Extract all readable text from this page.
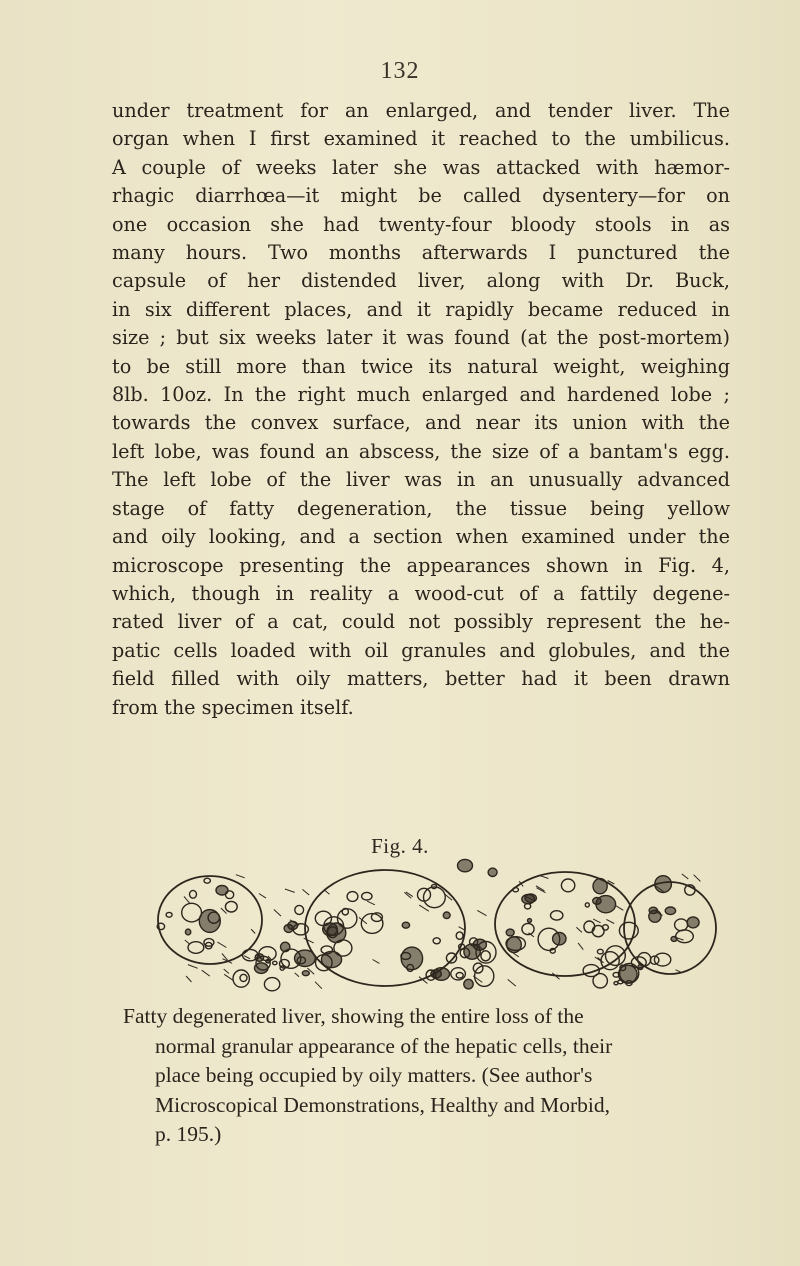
132
under treatment for an enlarged, and tender liver. The
organ when I first examined it reached to the umbilicus.
A couple of weeks later she was attacked with hæmor-
rhagic diarrhœa—it might be called dysentery—for on
one occasion she had twenty-four bloody stools in as
many hours. Two months afterwards I punctured the
capsule of her distended liver, along with Dr. Buck,
in six different places, and it rapidly became reduced in
size ; but six weeks later it was found (at the post-mortem)
to be still more than twice its natural weight, weighing
8lb. 10oz. In the right much enlarged and hardened lobe ;
towards the convex surface, and near its union with the
left lobe, was found an abscess, the size of a bantam's egg.
The left lobe of the liver was in an unusually advanced
stage of fatty degeneration, the tissue being yellow
and oily looking, and a section when examined under the
microscope presenting the appearances shown in Fig. 4,
which, though in reality a wood-cut of a fattily degene-
rated liver of a cat, could not possibly represent the he-
patic cells loaded with oil granules and globules, and the
field filled with oily matters, better had it been drawn
from the specimen itself.
Fig. 4.
Fatty degenerated liver, showing the entire loss of the
normal granular appearance of the hepatic cells, their
place being occupied by oily matters. (See author's
Microscopical Demonstrations, Healthy and Morbid,
p. 195.)
